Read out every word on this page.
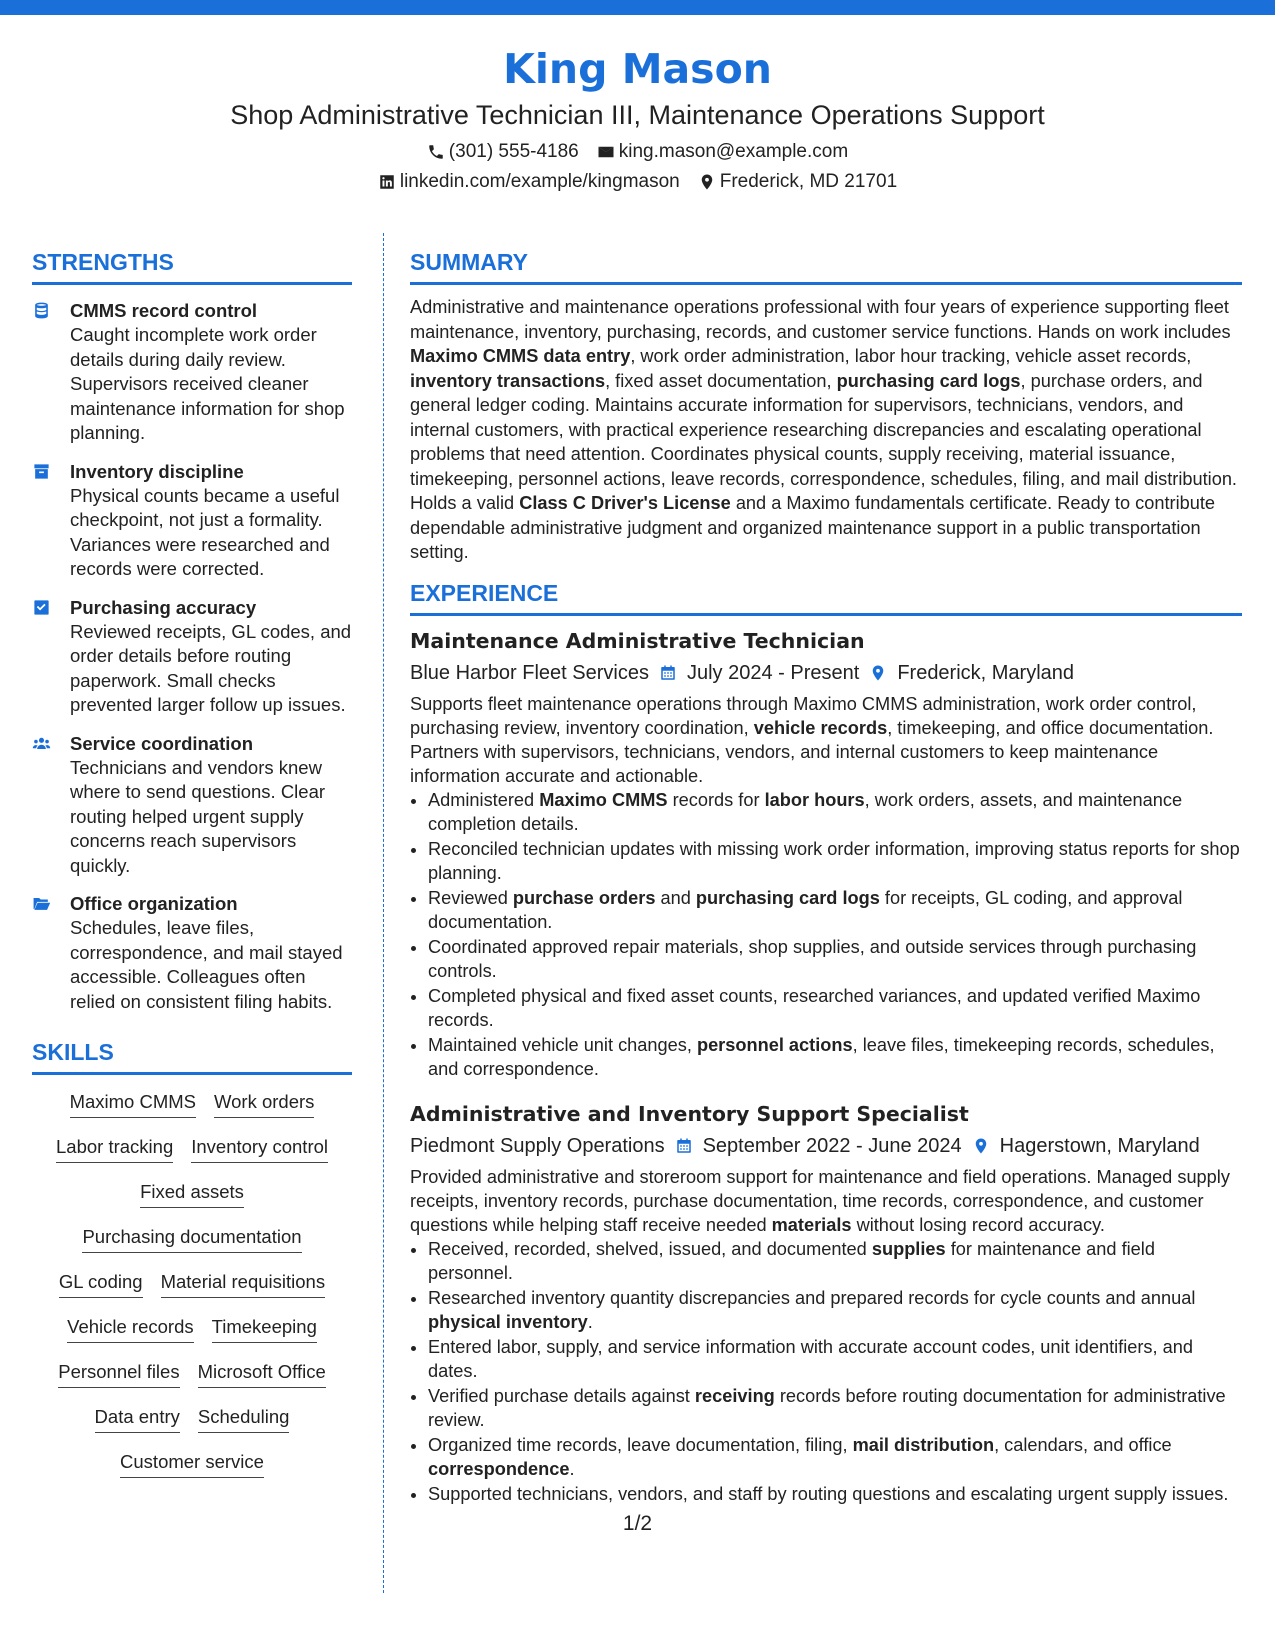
King Mason
Shop Administrative Technician III, Maintenance Operations Support
(301) 555-4186 king.mason@example.com
linkedin.com/example/kingmason Frederick, MD 21701
STRENGTHS
CMMS record control
Caught incomplete work order details during daily review. Supervisors received cleaner maintenance information for shop planning.
Inventory discipline
Physical counts became a useful checkpoint, not just a formality. Variances were researched and records were corrected.
Purchasing accuracy
Reviewed receipts, GL codes, and order details before routing paperwork. Small checks prevented larger follow up issues.
Service coordination
Technicians and vendors knew where to send questions. Clear routing helped urgent supply concerns reach supervisors quickly.
Office organization
Schedules, leave files, correspondence, and mail stayed accessible. Colleagues often relied on consistent filing habits.
SKILLS
Maximo CMMS Work orders
Labor tracking Inventory control
Fixed assets
Purchasing documentation
GL coding Material requisitions
Vehicle records Timekeeping
Personnel files Microsoft Office
Data entry Scheduling
Customer service
SUMMARY
Administrative and maintenance operations professional with four years of experience supporting fleet maintenance, inventory, purchasing, records, and customer service functions. Hands on work includes Maximo CMMS data entry, work order administration, labor hour tracking, vehicle asset records, inventory transactions, fixed asset documentation, purchasing card logs, purchase orders, and general ledger coding. Maintains accurate information for supervisors, technicians, vendors, and internal customers, with practical experience researching discrepancies and escalating operational problems that need attention. Coordinates physical counts, supply receiving, material issuance, timekeeping, personnel actions, leave records, correspondence, schedules, filing, and mail distribution. Holds a valid Class C Driver's License and a Maximo fundamentals certificate. Ready to contribute dependable administrative judgment and organized maintenance support in a public transportation setting.
EXPERIENCE
Maintenance Administrative Technician
Blue Harbor Fleet Services July 2024 - Present Frederick, Maryland
Supports fleet maintenance operations through Maximo CMMS administration, work order control, purchasing review, inventory coordination, vehicle records, timekeeping, and office documentation. Partners with supervisors, technicians, vendors, and internal customers to keep maintenance information accurate and actionable.
• Administered Maximo CMMS records for labor hours, work orders, assets, and maintenance completion details.
• Reconciled technician updates with missing work order information, improving status reports for shop planning.
• Reviewed purchase orders and purchasing card logs for receipts, GL coding, and approval documentation.
• Coordinated approved repair materials, shop supplies, and outside services through purchasing controls.
• Completed physical and fixed asset counts, researched variances, and updated verified Maximo records.
• Maintained vehicle unit changes, personnel actions, leave files, timekeeping records, schedules, and correspondence.
Administrative and Inventory Support Specialist
Piedmont Supply Operations September 2022 - June 2024 Hagerstown, Maryland
Provided administrative and storeroom support for maintenance and field operations. Managed supply receipts, inventory records, purchase documentation, time records, correspondence, and customer questions while helping staff receive needed materials without losing record accuracy.
• Received, recorded, shelved, issued, and documented supplies for maintenance and field personnel.
• Researched inventory quantity discrepancies and prepared records for cycle counts and annual physical inventory.
• Entered labor, supply, and service information with accurate account codes, unit identifiers, and dates.
• Verified purchase details against receiving records before routing documentation for administrative review.
• Organized time records, leave documentation, filing, mail distribution, calendars, and office correspondence.
• Supported technicians, vendors, and staff by routing questions and escalating urgent supply issues.
1/2
